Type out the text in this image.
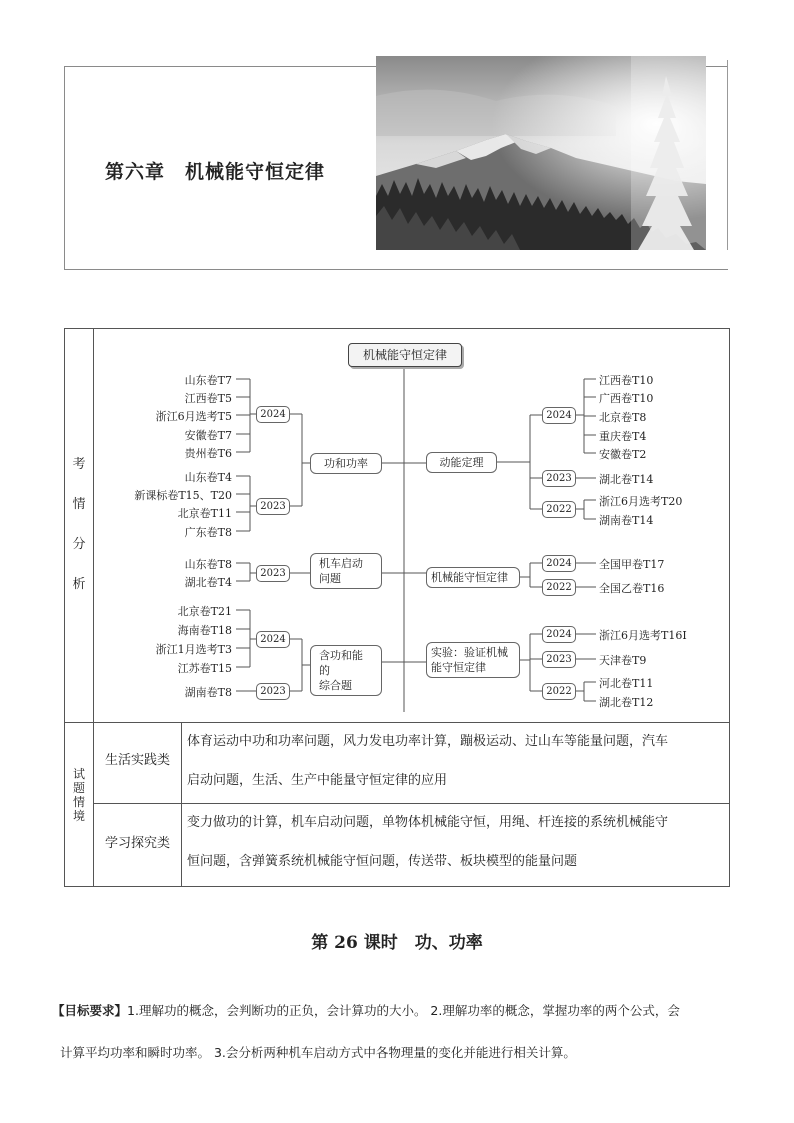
第六章　机械能守恒定律
考
情
分
析
试
题
情
境
生活实践类
体育运动中功和功率问题，风力发电功率计算，蹦极运动、过山车等能量问题，汽车
启动问题，生活、生产中能量守恒定律的应用
学习探究类
变力做功的计算，机车启动问题，单物体机械能守恒，用绳、杆连接的系统机械能守
恒问题，含弹簧系统机械能守恒问题，传送带、板块模型的能量问题
机械能守恒定律
功和功率
机车启动
问题
含功和能的
综合题
动能定理
机械能守恒定律
实验：验证机械
能守恒定律
2024
2023
2023
2024
2023
2024
2023
2022
2024
2022
2024
2023
2022
山东卷T7
江西卷T5
浙江6月选考T5
安徽卷T7
贵州卷T6
山东卷T4
新课标卷T15、T20
北京卷T11
广东卷T8
山东卷T8
湖北卷T4
北京卷T21
海南卷T18
浙江1月选考T3
江苏卷T15
湖南卷T8
江西卷T10
广西卷T10
北京卷T8
重庆卷T4
安徽卷T2
湖北卷T14
浙江6月选考T20
湖南卷T14
全国甲卷T17
全国乙卷T16
浙江6月选考T16Ⅰ
天津卷T9
河北卷T11
湖北卷T12
第 26 课时　功、功率
【目标要求】1.理解功的概念，会判断功的正负，会计算功的大小。 2.理解功率的概念，掌握功率的两个公式，会计算平均功率和瞬时功率。 3.会分析两种机车启动方式中各物理量的变化并能进行相关计算。
